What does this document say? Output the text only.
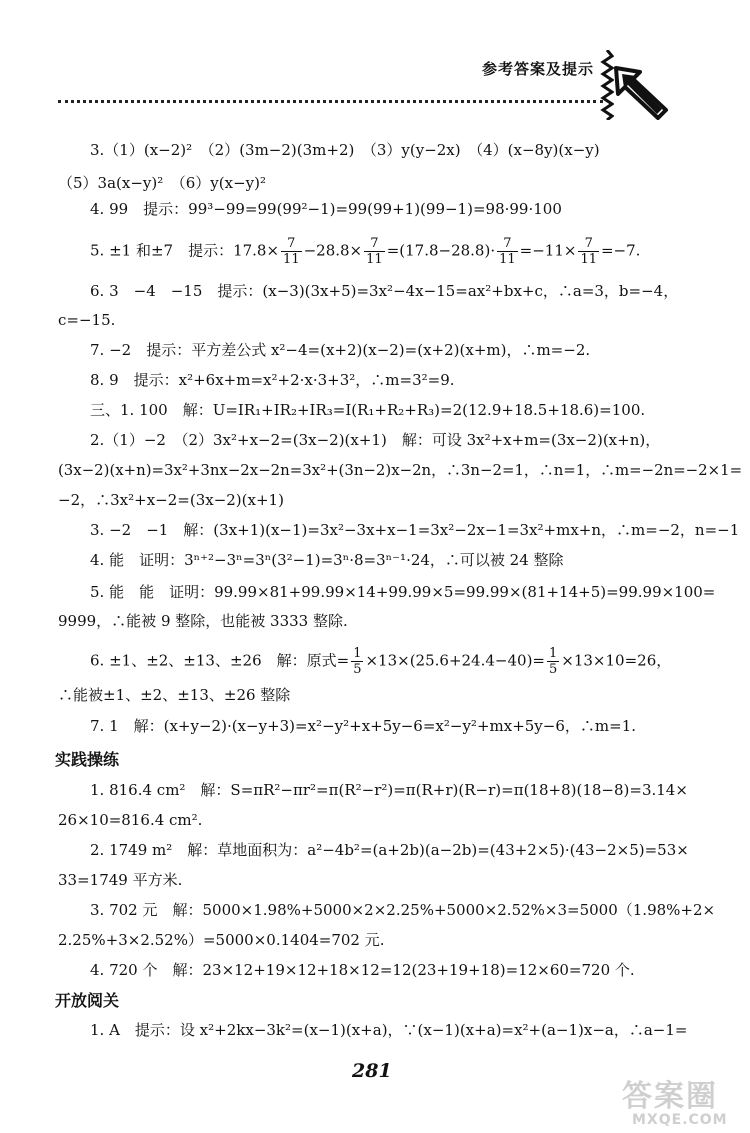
参考答案及提示
3.（1）(x−2)²　（2）(3m−2)(3m+2)　（3）y(y−2x)　（4）(x−8y)(x−y)
（5）3a(x−y)²　（6）y(x−y)²
4. 99　提示：99³−99=99(99²−1)=99(99+1)(99−1)=98·99·100
5. ±1 和±7　提示：$17.8\times \frac{7}{11} -28.8\times \frac{7}{11} =(17.8-28.8)\cdot \frac{7}{11} =-11\times \frac{7}{11} =-7$.
6. 3　−4　−15　提示：(x−3)(3x+5)=3x²−4x−15=ax²+bx+c，∴a=3，b=−4，
c=−15.
7. −2　提示：平方差公式 x²−4=(x+2)(x−2)=(x+2)(x+m)，∴m=−2.
8. 9　提示：x²+6x+m=x²+2·x·3+3²，∴m=3²=9.
三、1. 100　解：U=IR₁+IR₂+IR₃=I(R₁+R₂+R₃)=2(12.9+18.5+18.6)=100.
2.（1）−2　（2）3x²+x−2=(3x−2)(x+1)　解：可设 3x²+x+m=(3x−2)(x+n)，
(3x−2)(x+n)=3x²+3nx−2x−2n=3x²+(3n−2)x−2n，∴3n−2=1，∴n=1，∴m=−2n=−2×1=
−2，∴3x²+x−2=(3x−2)(x+1)
3. −2　−1　解：(3x+1)(x−1)=3x²−3x+x−1=3x²−2x−1=3x²+mx+n，∴m=−2，n=−1
4. 能　证明：3ⁿ⁺²−3ⁿ=3ⁿ(3²−1)=3ⁿ·8=3ⁿ⁻¹·24，∴可以被 24 整除
5. 能　能　证明：99.99×81+99.99×14+99.99×5=99.99×(81+14+5)=99.99×100=
9999，∴能被 9 整除，也能被 3333 整除.
6. ±1、±2、±13、±26　解：原式= $\frac{1}{5} \times 13\times(25.6+24.4-40)= \frac{1}{5} \times 13\times 10=26$，
∴能被±1、±2、±13、±26 整除
7. 1　解：(x+y−2)·(x−y+3)=x²−y²+x+5y−6=x²−y²+mx+5y−6，∴m=1.
实践操练
1. 816.4 cm²　解：S=πR²−πr²=π(R²−r²)=π(R+r)(R−r)=π(18+8)(18−8)=3.14×
26×10=816.4 cm².
2. 1749 m²　解：草地面积为：a²−4b²=(a+2b)(a−2b)=(43+2×5)·(43−2×5)=53×
33=1749 平方米.
3. 702 元　解：5000×1.98%+5000×2×2.25%+5000×2.52%×3=5000（1.98%+2×
2.25%+3×2.52%）=5000×0.1404=702 元.
4. 720 个　解：23×12+19×12+18×12=12(23+19+18)=12×60=720 个.
开放阅关
1. A　提示：设 x²+2kx−3k²=(x−1)(x+a)，∵(x−1)(x+a)=x²+(a−1)x−a，∴a−1=
281
答案圈
MXQE.COM
